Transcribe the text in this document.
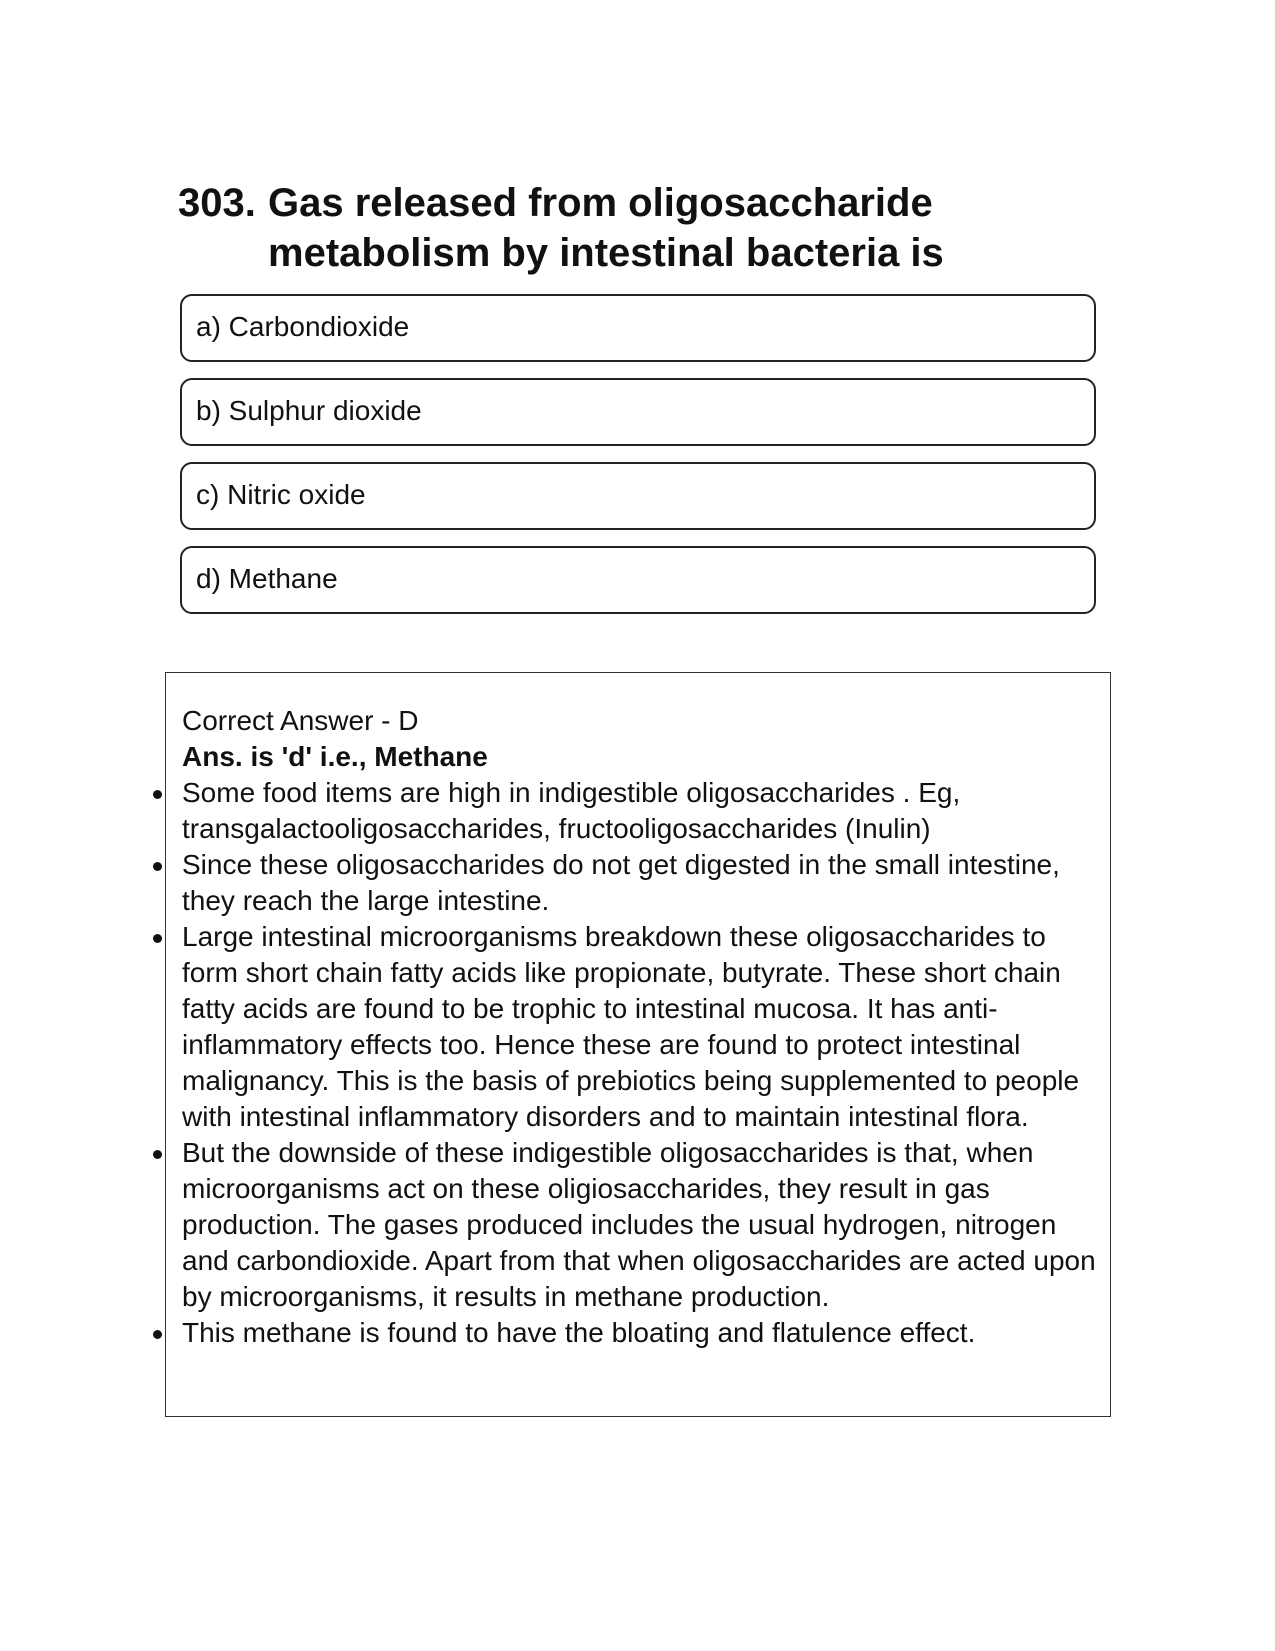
303. Gas released from oligosaccharide metabolism by intestinal bacteria is
a) Carbondioxide
b) Sulphur dioxide
c) Nitric oxide
d) Methane
Correct Answer - D
Ans. is 'd' i.e., Methane
Some food items are high in indigestible oligosaccharides . Eg, transgalactooligosaccharides, fructooligosaccharides (Inulin)
Since these oligosaccharides do not get digested in the small intestine, they reach the large intestine.
Large intestinal microorganisms breakdown these oligosaccharides to form short chain fatty acids like propionate, butyrate. These short chain fatty acids are found to be trophic to intestinal mucosa. It has anti-inflammatory effects too. Hence these are found to protect intestinal malignancy. This is the basis of prebiotics being supplemented to people with intestinal inflammatory disorders and to maintain intestinal flora.
But the downside of these indigestible oligosaccharides is that, when microorganisms act on these oligiosaccharides, they result in gas production. The gases produced includes the usual hydrogen, nitrogen and carbondioxide. Apart from that when oligosaccharides are acted upon by microorganisms, it results in methane production.
This methane is found to have the bloating and flatulence effect.
